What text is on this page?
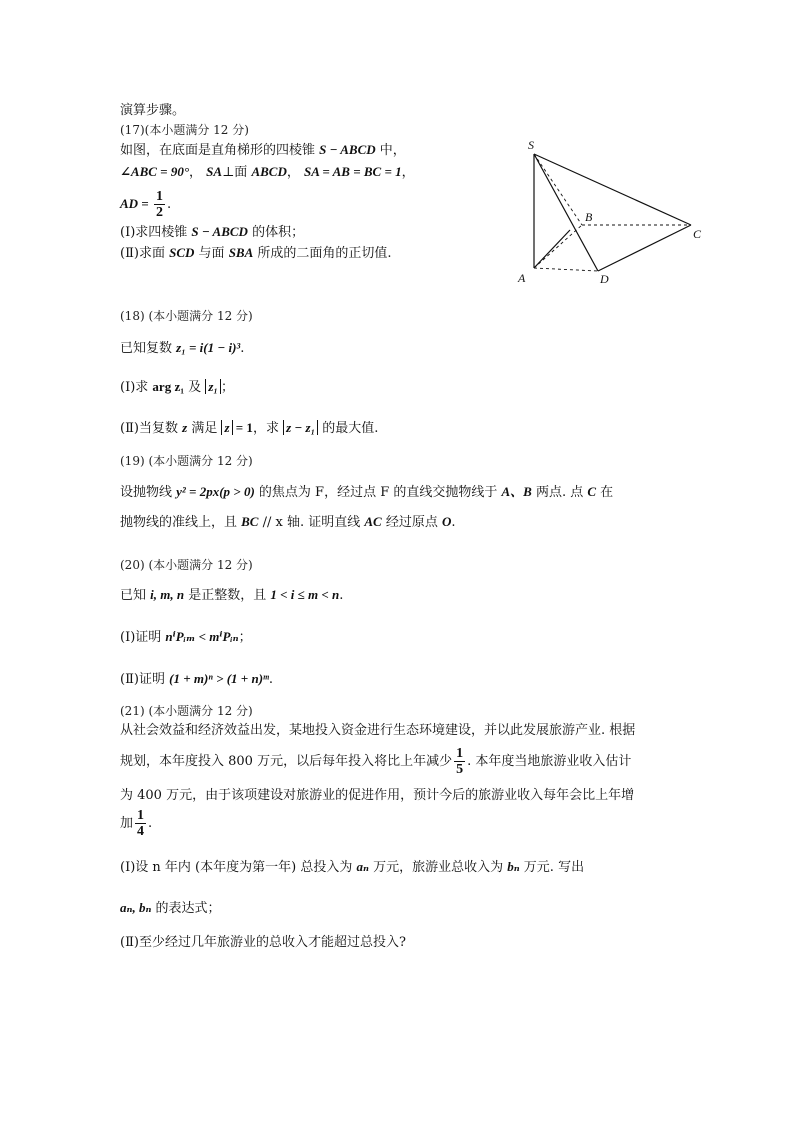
演算步骤。
(17)(本小题满分 12 分)
如图，在底面是直角梯形的四棱锥 S − ABCD 中，
∠ABC = 90°， SA⊥面 ABCD， SA = AB = BC = 1，
AD = $\frac{1}{2}$ .
(Ⅰ)求四棱锥 S − ABCD 的体积；
(Ⅱ)求面 SCD 与面 SBA 所成的二面角的正切值.
S
B
C
A	D
(18) (本小题满分 12 分)
已知复数 z₁ = i(1 − i)³.
(Ⅰ)求 arg z₁ 及 z₁ ；
(Ⅱ)当复数 z 满足 z = 1，求 z − z₁ 的最大值.
(19) (本小题满分 12 分)
设抛物线 y² = 2px(p > 0) 的焦点为 F，经过点 F 的直线交抛物线于 A、B 两点. 点 C 在
抛物线的准线上，且 BC // x 轴. 证明直线 AC 经过原点 O.
(20) (本小题满分 12 分)
已知 i, m, n 是正整数，且 1 < i ≤ m < n.
(Ⅰ)证明 nⁱPᵢₘ < mⁱPᵢₙ；
(Ⅱ)证明 (1 + m)ⁿ > (1 + n)ᵐ.
(21) (本小题满分 12 分)
从社会效益和经济效益出发，某地投入资金进行生态环境建设，并以此发展旅游产业. 根据
规划，本年度投入 800 万元，以后每年投入将比上年减少 $\frac{1}{5}$ . 本年度当地旅游业收入估计
为 400 万元，由于该项建设对旅游业的促进作用，预计今后的旅游业收入每年会比上年增
加 $\frac{1}{4}$ .
(Ⅰ)设 n 年内 (本年度为第一年) 总投入为 aₙ 万元，旅游业总收入为 bₙ 万元. 写出
aₙ, bₙ 的表达式；
(Ⅱ)至少经过几年旅游业的总收入才能超过总投入?
